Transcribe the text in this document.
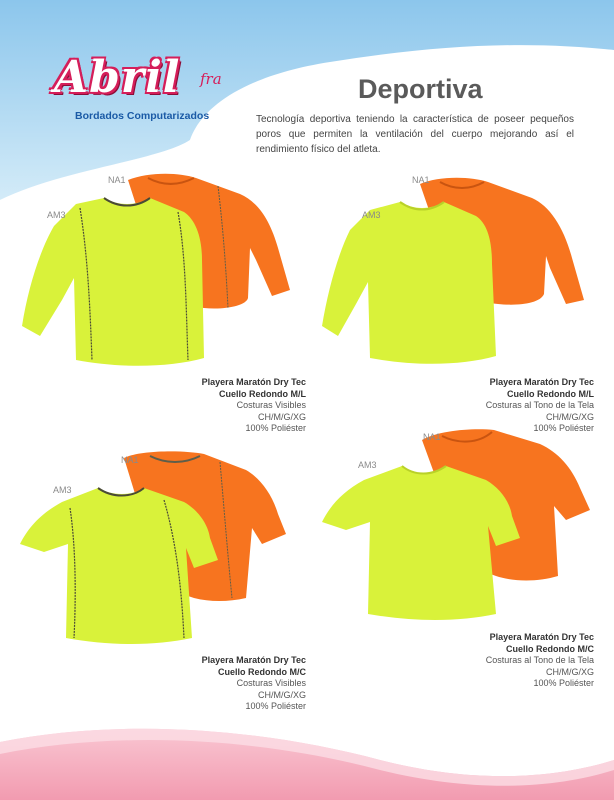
Abril fra
Bordados Computarizados
Deportiva
Tecnología deportiva teniendo la característica de poseer pequeños poros que permiten la ventilación del cuerpo mejorando así el rendimiento físico del atleta.
NA1
AM3
Playera Maratón Dry Tec
Cuello Redondo M/L
Costuras Visibles
CH/M/G/XG
100% Poliéster
NA1
AM3
Playera Maratón Dry Tec
Cuello Redondo M/L
Costuras al Tono de la Tela
CH/M/G/XG
100% Poliéster
NA1
AM3
Playera Maratón Dry Tec
Cuello Redondo M/C
Costuras Visibles
CH/M/G/XG
100% Poliéster
NA1
AM3
Playera Maratón Dry Tec
Cuello Redondo M/C
Costuras al Tono de la Tela
CH/M/G/XG
100% Poliéster
